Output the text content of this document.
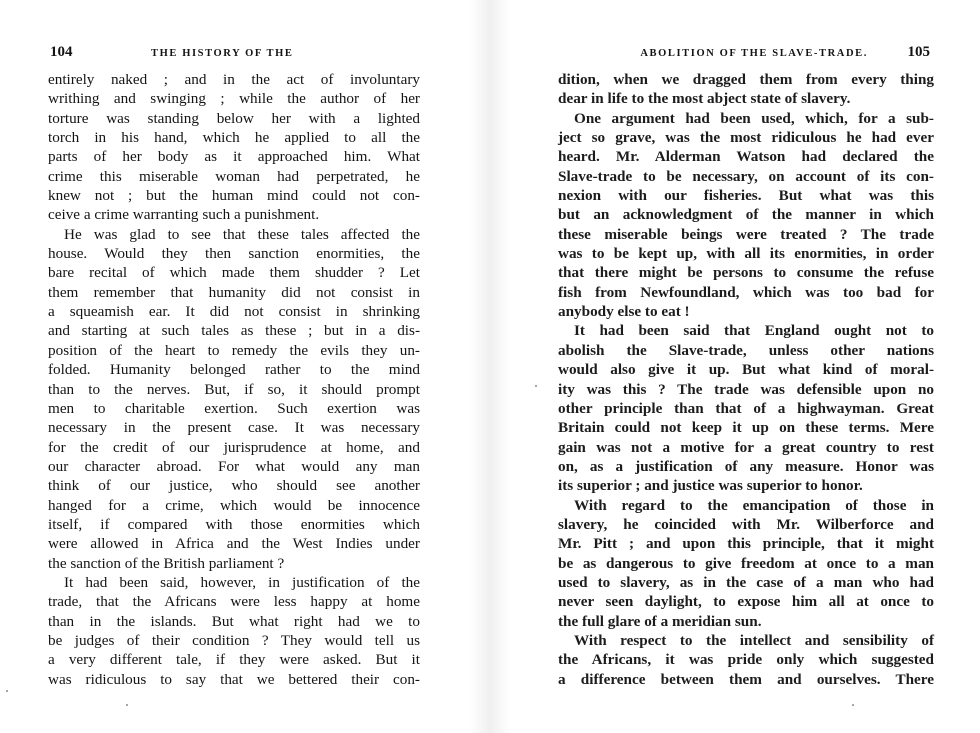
104	THE HISTORY OF THE
entirely naked ; and in the act of involuntary
writhing and swinging ; while the author of her
torture was standing below her with a lighted
torch in his hand, which he applied to all the
parts of her body as it approached him. What
crime this miserable woman had perpetrated, he
knew not ; but the human mind could not con-
ceive a crime warranting such a punishment.
He was glad to see that these tales affected the
house. Would they then sanction enormities, the
bare recital of which made them shudder ? Let
them remember that humanity did not consist in
a squeamish ear. It did not consist in shrinking
and starting at such tales as these ; but in a dis-
position of the heart to remedy the evils they un-
folded. Humanity belonged rather to the mind
than to the nerves. But, if so, it should prompt
men to charitable exertion. Such exertion was
necessary in the present case. It was necessary
for the credit of our jurisprudence at home, and
our character abroad. For what would any man
think of our justice, who should see another
hanged for a crime, which would be innocence
itself, if compared with those enormities which
were allowed in Africa and the West Indies under
the sanction of the British parliament ?
It had been said, however, in justification of the
trade, that the Africans were less happy at home
than in the islands. But what right had we to
be judges of their condition ? They would tell us
a very different tale, if they were asked. But it
was ridiculous to say that we bettered their con-
ABOLITION OF THE SLAVE-TRADE.	105
dition, when we dragged them from every thing
dear in life to the most abject state of slavery.
One argument had been used, which, for a sub-
ject so grave, was the most ridiculous he had ever
heard. Mr. Alderman Watson had declared the
Slave-trade to be necessary, on account of its con-
nexion with our fisheries. But what was this
but an acknowledgment of the manner in which
these miserable beings were treated ? The trade
was to be kept up, with all its enormities, in order
that there might be persons to consume the refuse
fish from Newfoundland, which was too bad for
anybody else to eat !
It had been said that England ought not to
abolish the Slave-trade, unless other nations
would also give it up. But what kind of moral-
ity was this ? The trade was defensible upon no
other principle than that of a highwayman. Great
Britain could not keep it up on these terms. Mere
gain was not a motive for a great country to rest
on, as a justification of any measure. Honor was
its superior ; and justice was superior to honor.
With regard to the emancipation of those in
slavery, he coincided with Mr. Wilberforce and
Mr. Pitt ; and upon this principle, that it might
be as dangerous to give freedom at once to a man
used to slavery, as in the case of a man who had
never seen daylight, to expose him all at once to
the full glare of a meridian sun.
With respect to the intellect and sensibility of
the Africans, it was pride only which suggested
a difference between them and ourselves. There
